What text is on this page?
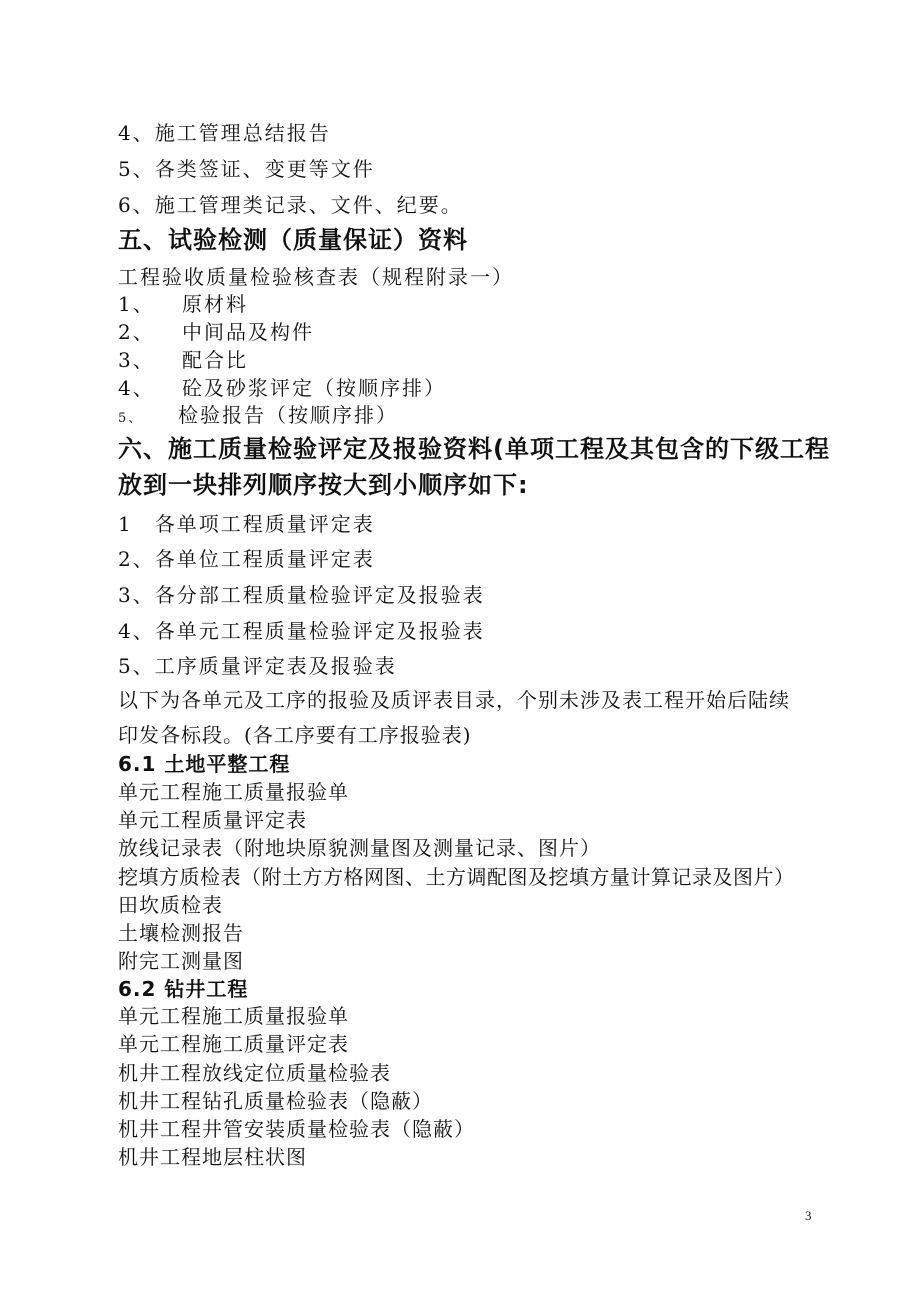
4、施工管理总结报告
5、各类签证、变更等文件
6、施工管理类记录、文件、纪要。
五、试验检测（质量保证）资料
工程验收质量检验核查表（规程附录一）
1、 原材料
2、 中间品及构件
3、 配合比
4、 砼及砂浆评定（按顺序排）
5、 检验报告（按顺序排）
六、施工质量检验评定及报验资料(单项工程及其包含的下级工程
放到一块排列顺序按大到小顺序如下:
1　各单项工程质量评定表
2、各单位工程质量评定表
3、各分部工程质量检验评定及报验表
4、各单元工程质量检验评定及报验表
5、工序质量评定表及报验表
以下为各单元及工序的报验及质评表目录，个别未涉及表工程开始后陆续
印发各标段。(各工序要有工序报验表)
6.1 土地平整工程
单元工程施工质量报验单
单元工程质量评定表
放线记录表（附地块原貌测量图及测量记录、图片）
挖填方质检表（附土方方格网图、土方调配图及挖填方量计算记录及图片）
田坎质检表
土壤检测报告
附完工测量图
6.2 钻井工程
单元工程施工质量报验单
单元工程施工质量评定表
机井工程放线定位质量检验表
机井工程钻孔质量检验表（隐蔽）
机井工程井管安装质量检验表（隐蔽）
机井工程地层柱状图
3
